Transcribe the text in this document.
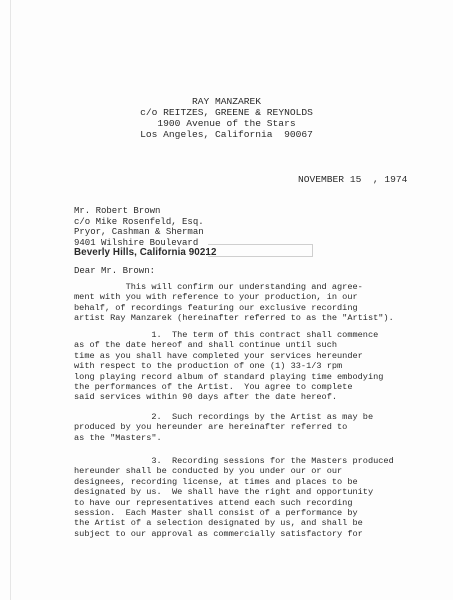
RAY MANZAREK
c/o REITZES, GREENE & REYNOLDS
1900 Avenue of the Stars
Los Angeles, California  90067
NOVEMBER 15  , 1974
Mr. Robert Brown
c/o Mike Rosenfeld, Esq.
Pryor, Cashman & Sherman
9401 Wilshire Boulevard
Beverly Hills, California 90212
Dear Mr. Brown:
This will confirm our understanding and agree-
ment with you with reference to your production, in our
behalf, of recordings featuring our exclusive recording
artist Ray Manzarek (hereinafter referred to as the "Artist").
1.  The term of this contract shall commence
as of the date hereof and shall continue until such
time as you shall have completed your services hereunder
with respect to the production of one (1) 33-1/3 rpm
long playing record album of standard playing time embodying
the performances of the Artist.  You agree to complete
said services within 90 days after the date hereof.
2.  Such recordings by the Artist as may be
produced by you hereunder are hereinafter referred to
as the "Masters".
3.  Recording sessions for the Masters produced
hereunder shall be conducted by you under our or our
designees, recording license, at times and places to be
designated by us.  We shall have the right and opportunity
to have our representatives attend each such recording
session.  Each Master shall consist of a performance by
the Artist of a selection designated by us, and shall be
subject to our approval as commercially satisfactory for
